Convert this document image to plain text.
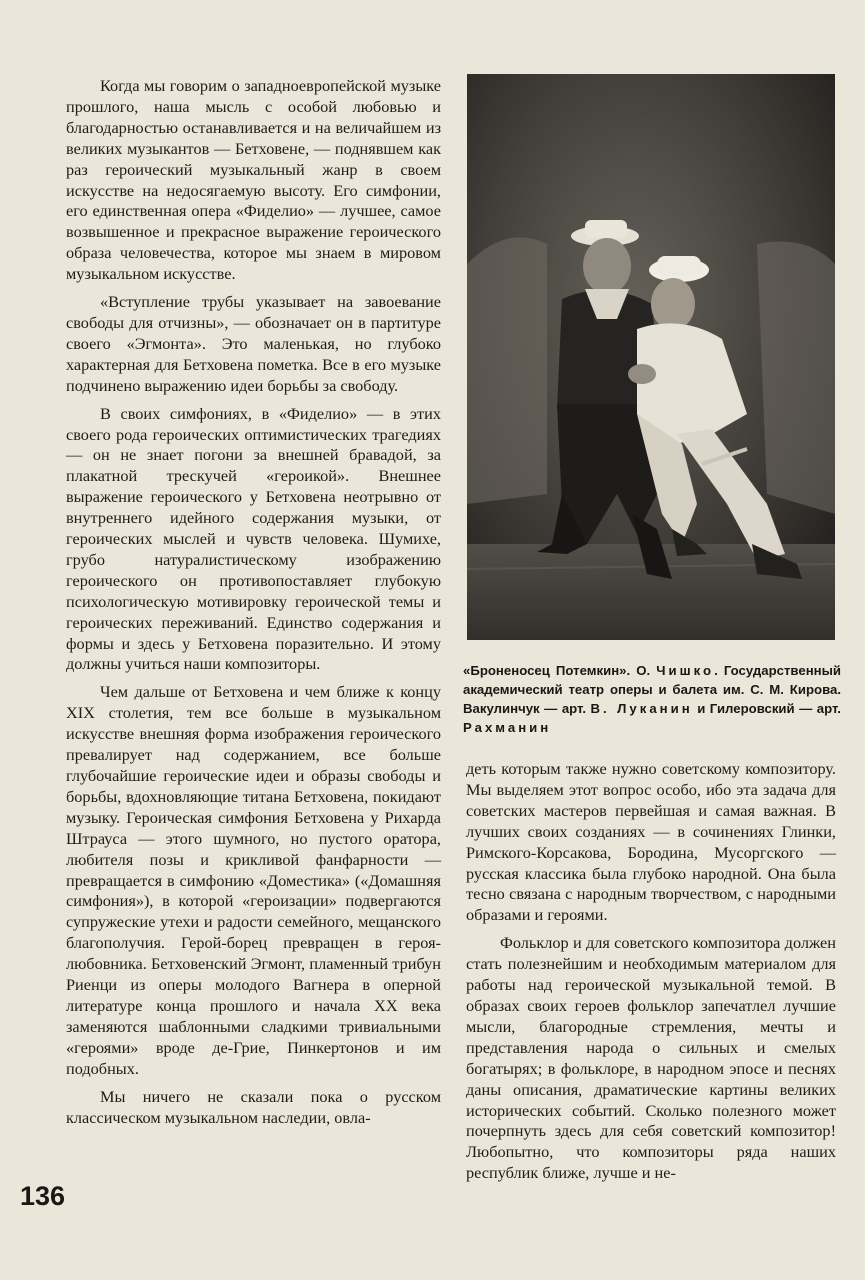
Когда мы говорим о западноевропейской музыке прошлого, наша мысль с особой любовью и благодарностью останавливается и на величайшем из великих музыкантов — Бетховене, — поднявшем как раз героический музыкальный жанр в своем искусстве на недосягаемую высоту. Его симфонии, его единственная опера «Фиделио» — лучшее, самое возвышенное и прекрасное выражение героического образа человечества, которое мы знаем в мировом музыкальном искусстве.

«Вступление трубы указывает на завоевание свободы для отчизны», — обозначает он в партитуре своего «Эгмонта». Это маленькая, но глубоко характерная для Бетховена пометка. Все в его музыке подчинено выражению идеи борьбы за свободу.

В своих симфониях, в «Фиделио» — в этих своего рода героических оптимистических трагедиях — он не знает погони за внешней бравадой, за плакатной трескучей «героикой». Внешнее выражение героического у Бетховена неотрывно от внутреннего идейного содержания музыки, от героических мыслей и чувств человека. Шумихе, грубо натуралистическому изображению героического он противопоставляет глубокую психологическую мотивировку героической темы и героических переживаний. Единство содержания и формы и здесь у Бетховена поразительно. И этому должны учиться наши композиторы.

Чем дальше от Бетховена и чем ближе к концу XIX столетия, тем все больше в музыкальном искусстве внешняя форма изображения героического превалирует над содержанием, все больше глубочайшие героические идеи и образы свободы и борьбы, вдохновляющие титана Бетховена, покидают музыку. Героическая симфония Бетховена у Рихарда Штрауса — этого шумного, но пустого оратора, любителя позы и крикливой фанфарности — превращается в симфонию «Доместика» («Домашняя симфония»), в которой «героизации» подвергаются супружеские утехи и радости семейного, мещанского благополучия. Герой-борец превращен в героя-любовника. Бетховенский Эгмонт, пламенный трибун Риенци из оперы молодого Вагнера в оперной литературе конца прошлого и начала XX века заменяются шаблонными сладкими тривиальными «героями» вроде де-Грие, Пинкертонов и им подобных.

Мы ничего не сказали пока о русском классическом музыкальном наследии, овла-

«Броненосец Потемкин». О. Чишко. Государственный академический театр оперы и балета им. С. М. Кирова. Вакулинчук — арт. В. Луканин и Гилеровский — арт. Рахманин

деть которым также нужно советскому композитору. Мы выделяем этот вопрос особо, ибо эта задача для советских мастеров первейшая и самая важная. В лучших своих созданиях — в сочинениях Глинки, Римского-Корсакова, Бородина, Мусоргского — русская классика была глубоко народной. Она была тесно связана с народным творчеством, с народными образами и героями.

Фольклор и для советского композитора должен стать полезнейшим и необходимым материалом для работы над героической музыкальной темой. В образах своих героев фольклор запечатлел лучшие мысли, благородные стремления, мечты и представления народа о сильных и смелых богатырях; в фольклоре, в народном эпосе и песнях даны описания, драматические картины великих исторических событий. Сколько полезного может почерпнуть здесь для себя советский композитор! Любопытно, что композиторы ряда наших республик ближе, лучше и не-

136
